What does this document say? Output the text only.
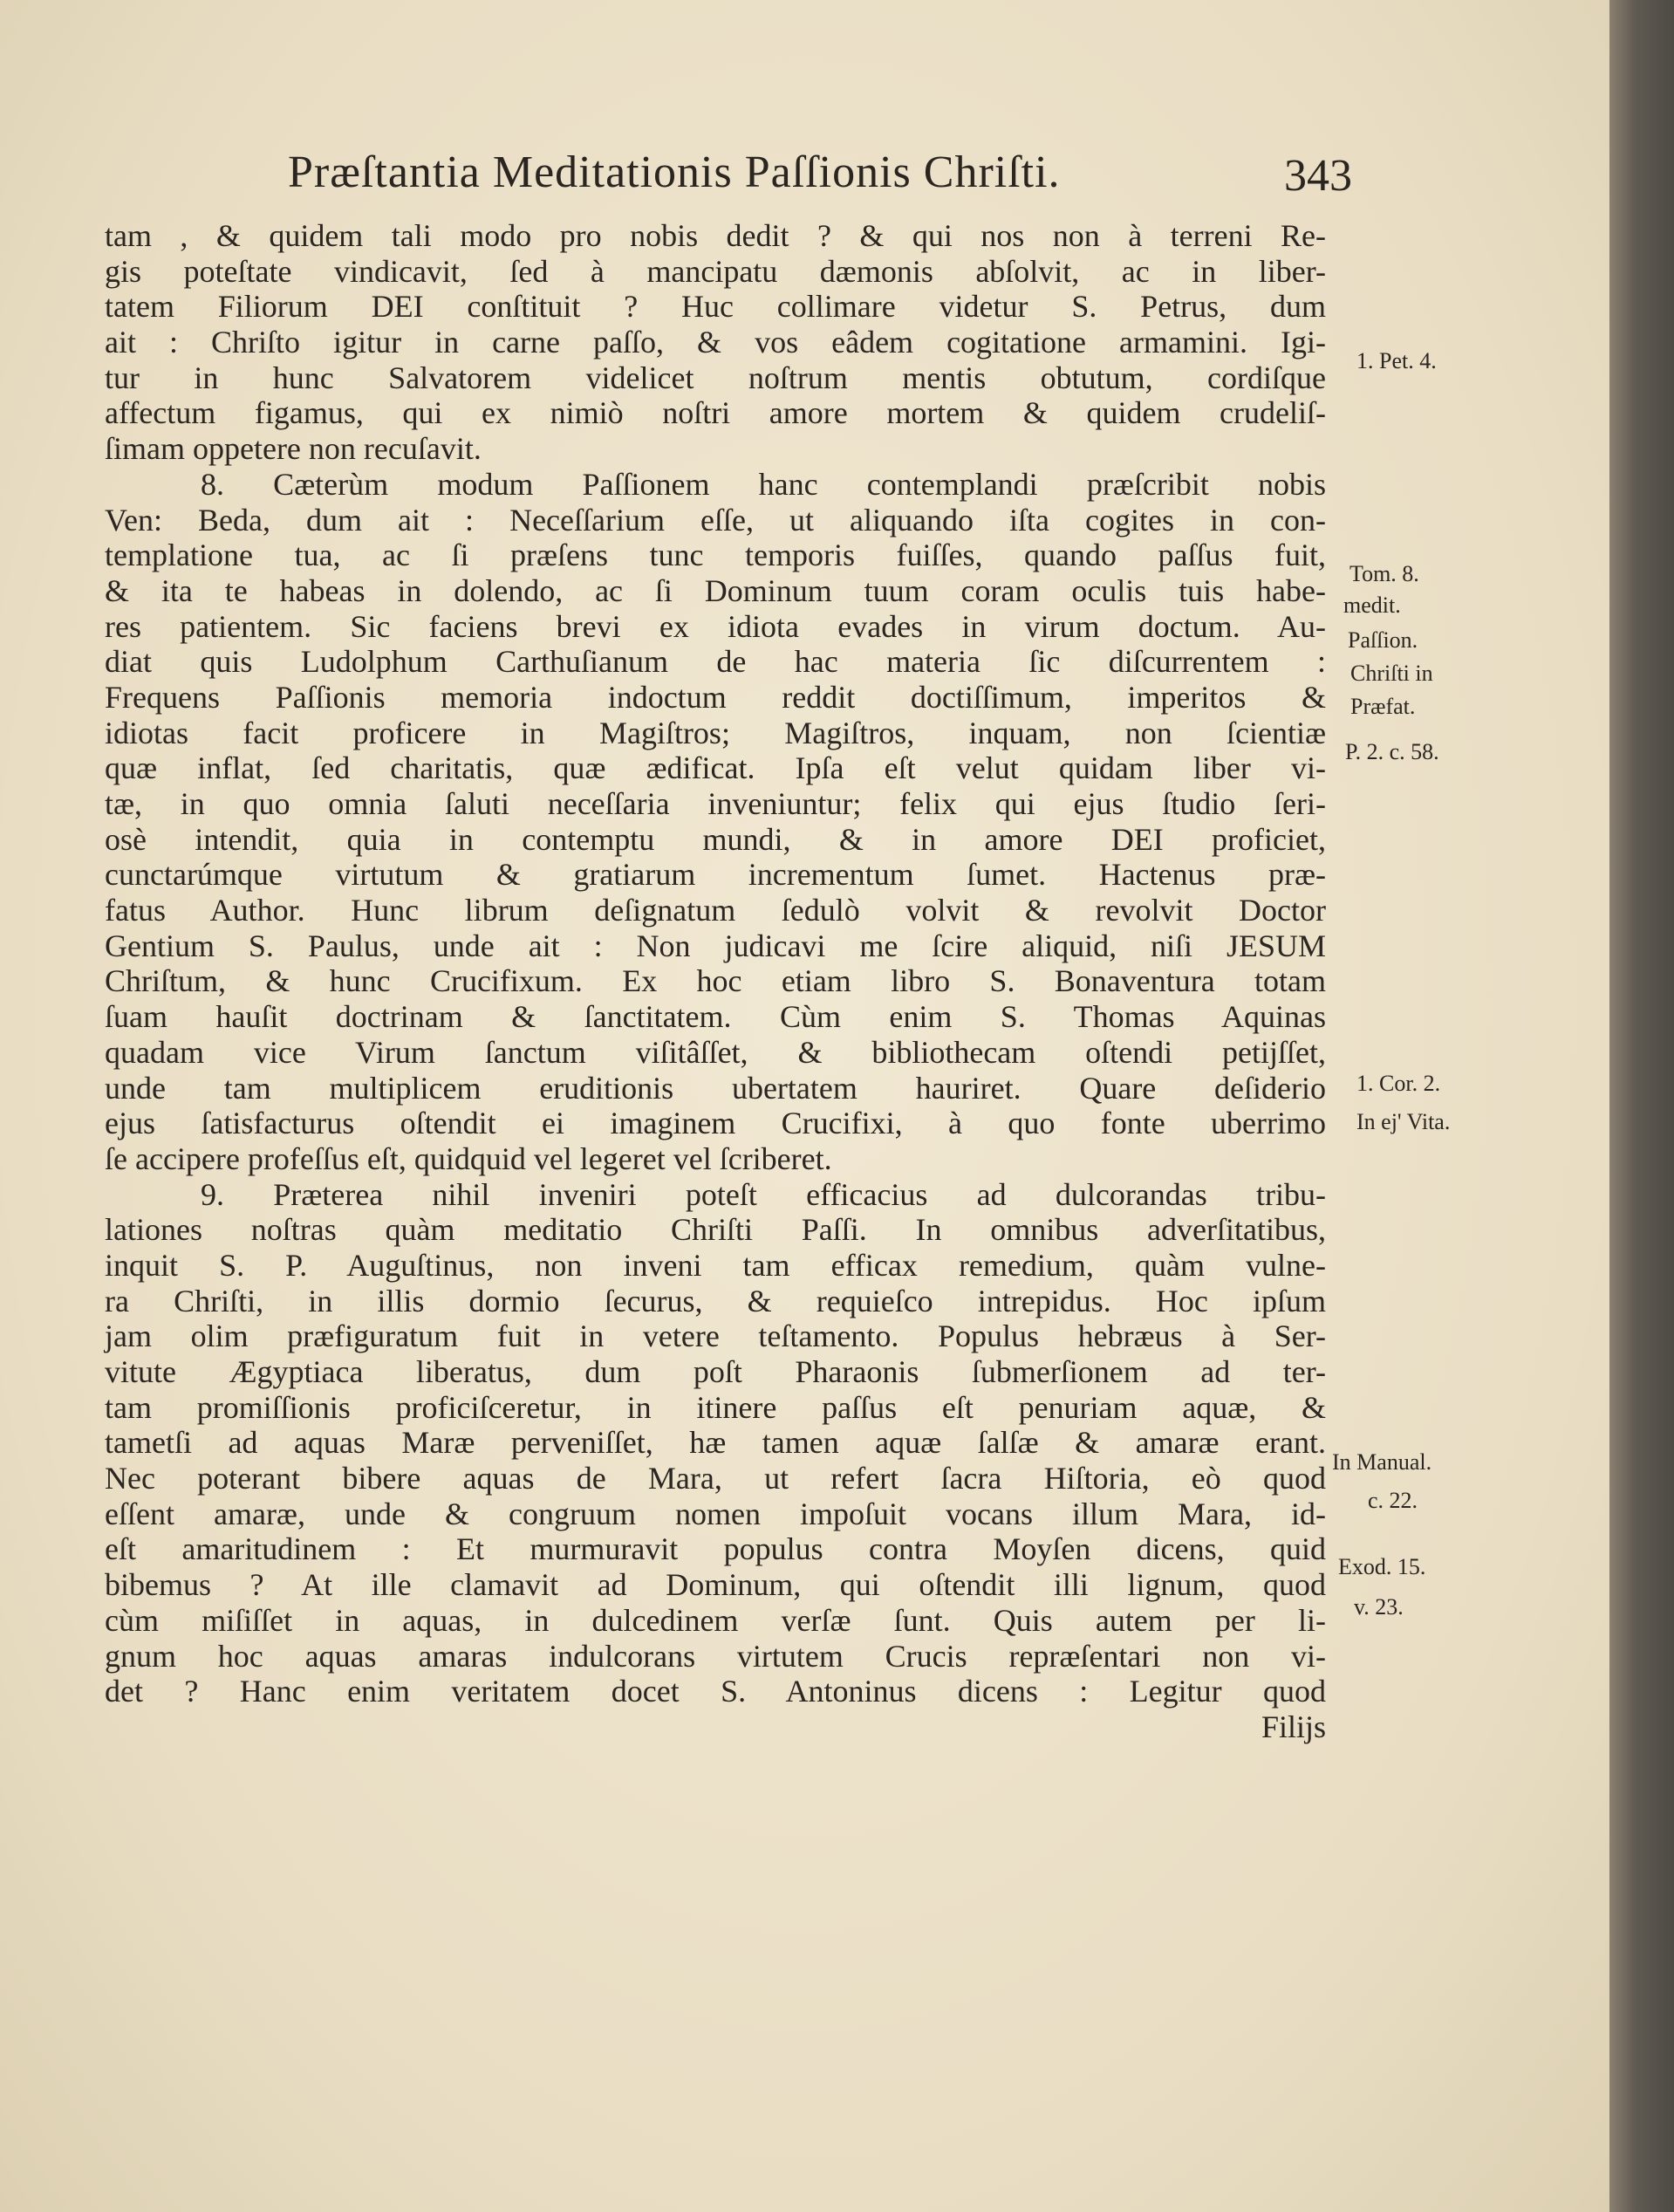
Præſtantia Meditationis Paſſionis Chriſti.	343
tam , & quidem tali modo pro nobis dedit ? & qui nos non à terreni Re-
gis poteſtate vindicavit, ſed à mancipatu dæmonis abſolvit, ac in liber-
tatem Filiorum DEI conſtituit ? Huc collimare videtur S. Petrus, dum
ait : Chriſto igitur in carne paſſo, & vos eâdem cogitatione armamini. Igi-
tur in hunc Salvatorem videlicet noſtrum mentis obtutum, cordiſque
affectum figamus, qui ex nimiò noſtri amore mortem & quidem crudeliſ-
ſimam oppetere non recuſavit.
8. Cæterùm modum Paſſionem hanc contemplandi præſcribit nobis
Ven: Beda, dum ait : Neceſſarium eſſe, ut aliquando iſta cogites in con-
templatione tua, ac ſi præſens tunc temporis fuiſſes, quando paſſus fuit,
& ita te habeas in dolendo, ac ſi Dominum tuum coram oculis tuis habe-
res patientem. Sic faciens brevi ex idiota evades in virum doctum. Au-
diat quis Ludolphum Carthuſianum de hac materia ſic diſcurrentem :
Frequens Paſſionis memoria indoctum reddit doctiſſimum, imperitos &
idiotas facit proficere in Magiſtros; Magiſtros, inquam, non ſcientiæ
quæ inflat, ſed charitatis, quæ ædificat. Ipſa eſt velut quidam liber vi-
tæ, in quo omnia ſaluti neceſſaria inveniuntur; felix qui ejus ſtudio ſeri-
osè intendit, quia in contemptu mundi, & in amore DEI proficiet,
cunctarúmque virtutum & gratiarum incrementum ſumet. Hactenus præ-
fatus Author. Hunc librum deſignatum ſedulò volvit & revolvit Doctor
Gentium S. Paulus, unde ait : Non judicavi me ſcire aliquid, niſi JESUM
Chriſtum, & hunc Crucifixum. Ex hoc etiam libro S. Bonaventura totam
ſuam hauſit doctrinam & ſanctitatem. Cùm enim S. Thomas Aquinas
quadam vice Virum ſanctum viſitâſſet, & bibliothecam oſtendi petijſſet,
unde tam multiplicem eruditionis ubertatem hauriret. Quare deſiderio
ejus ſatisfacturus oſtendit ei imaginem Crucifixi, à quo fonte uberrimo
ſe accipere profeſſus eſt, quidquid vel legeret vel ſcriberet.
9. Præterea nihil inveniri poteſt efficacius ad dulcorandas tribu-
lationes noſtras quàm meditatio Chriſti Paſſi. In omnibus adverſitatibus,
inquit S. P. Auguſtinus, non inveni tam efficax remedium, quàm vulne-
ra Chriſti, in illis dormio ſecurus, & requieſco intrepidus. Hoc ipſum
jam olim præfiguratum fuit in vetere teſtamento. Populus hebræus à Ser-
vitute Ægyptiaca liberatus, dum poſt Pharaonis ſubmerſionem ad ter-
tam promiſſionis proficiſceretur, in itinere paſſus eſt penuriam aquæ, &
tametſi ad aquas Maræ perveniſſet, hæ tamen aquæ ſalſæ & amaræ erant.
Nec poterant bibere aquas de Mara, ut refert ſacra Hiſtoria, eò quod
eſſent amaræ, unde & congruum nomen impoſuit vocans illum Mara, id-
eſt amaritudinem : Et murmuravit populus contra Moyſen dicens, quid
bibemus ? At ille clamavit ad Dominum, qui oſtendit illi lignum, quod
cùm miſiſſet in aquas, in dulcedinem verſæ ſunt. Quis autem per li-
gnum hoc aquas amaras indulcorans virtutem Crucis repræſentari non vi-
det ? Hanc enim veritatem docet S. Antoninus dicens : Legitur quod
Filijs
1. Pet. 4.
Tom. 8.
medit.
Paſſion.
Chriſti in
Præfat.
P. 2. c. 58.
1. Cor. 2.
In ej' Vita.
In Manual.
c. 22.
Exod. 15.
v. 23.
